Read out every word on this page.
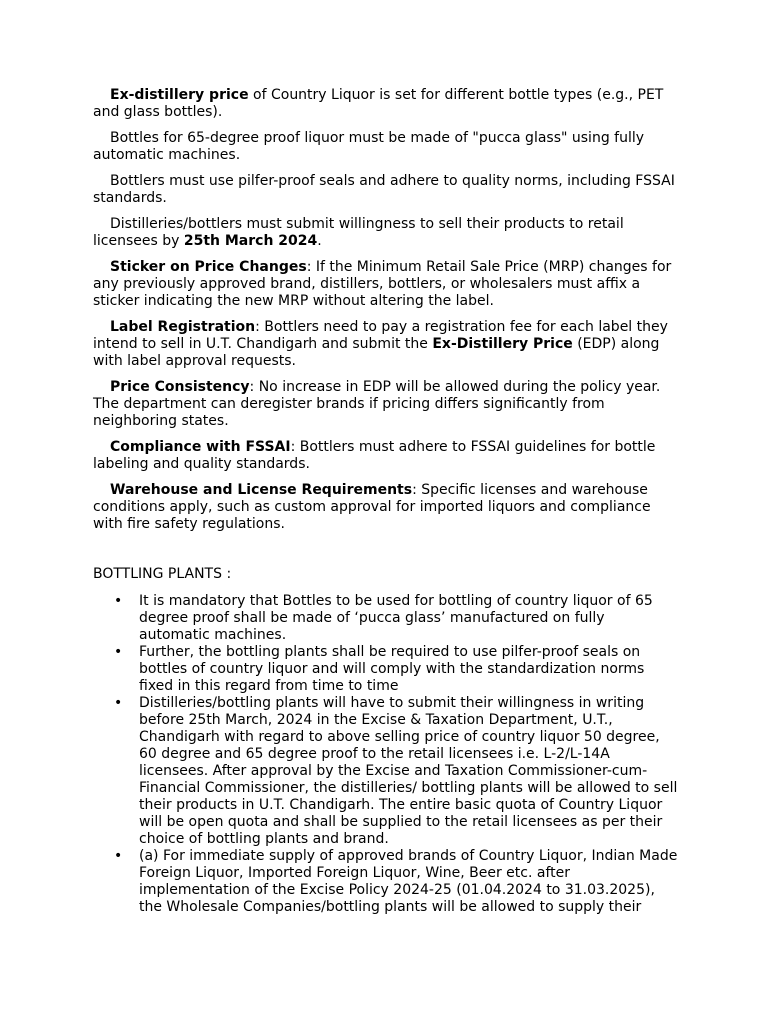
Ex-distillery price of Country Liquor is set for different bottle types (e.g., PET and glass bottles).

Bottles for 65-degree proof liquor must be made of "pucca glass" using fully automatic machines.

Bottlers must use pilfer-proof seals and adhere to quality norms, including FSSAI standards.

Distilleries/bottlers must submit willingness to sell their products to retail licensees by 25th March 2024.

Sticker on Price Changes: If the Minimum Retail Sale Price (MRP) changes for any previously approved brand, distillers, bottlers, or wholesalers must affix a sticker indicating the new MRP without altering the label.

Label Registration: Bottlers need to pay a registration fee for each label they intend to sell in U.T. Chandigarh and submit the Ex-Distillery Price (EDP) along with label approval requests.

Price Consistency: No increase in EDP will be allowed during the policy year. The department can deregister brands if pricing differs significantly from neighboring states.

Compliance with FSSAI: Bottlers must adhere to FSSAI guidelines for bottle labeling and quality standards.

Warehouse and License Requirements: Specific licenses and warehouse conditions apply, such as custom approval for imported liquors and compliance with fire safety regulations.

BOTTLING PLANTS :

• It is mandatory that Bottles to be used for bottling of country liquor of 65 degree proof shall be made of ‘pucca glass’ manufactured on fully automatic machines.
• Further, the bottling plants shall be required to use pilfer-proof seals on bottles of country liquor and will comply with the standardization norms fixed in this regard from time to time
• Distilleries/bottling plants will have to submit their willingness in writing before 25th March, 2024 in the Excise & Taxation Department, U.T., Chandigarh with regard to above selling price of country liquor 50 degree, 60 degree and 65 degree proof to the retail licensees i.e. L-2/L-14A licensees. After approval by the Excise and Taxation Commissioner-cum-Financial Commissioner, the distilleries/ bottling plants will be allowed to sell their products in U.T. Chandigarh. The entire basic quota of Country Liquor will be open quota and shall be supplied to the retail licensees as per their choice of bottling plants and brand.
• (a) For immediate supply of approved brands of Country Liquor, Indian Made Foreign Liquor, Imported Foreign Liquor, Wine, Beer etc. after implementation of the Excise Policy 2024-25 (01.04.2024 to 31.03.2025), the Wholesale Companies/bottling plants will be allowed to supply their
